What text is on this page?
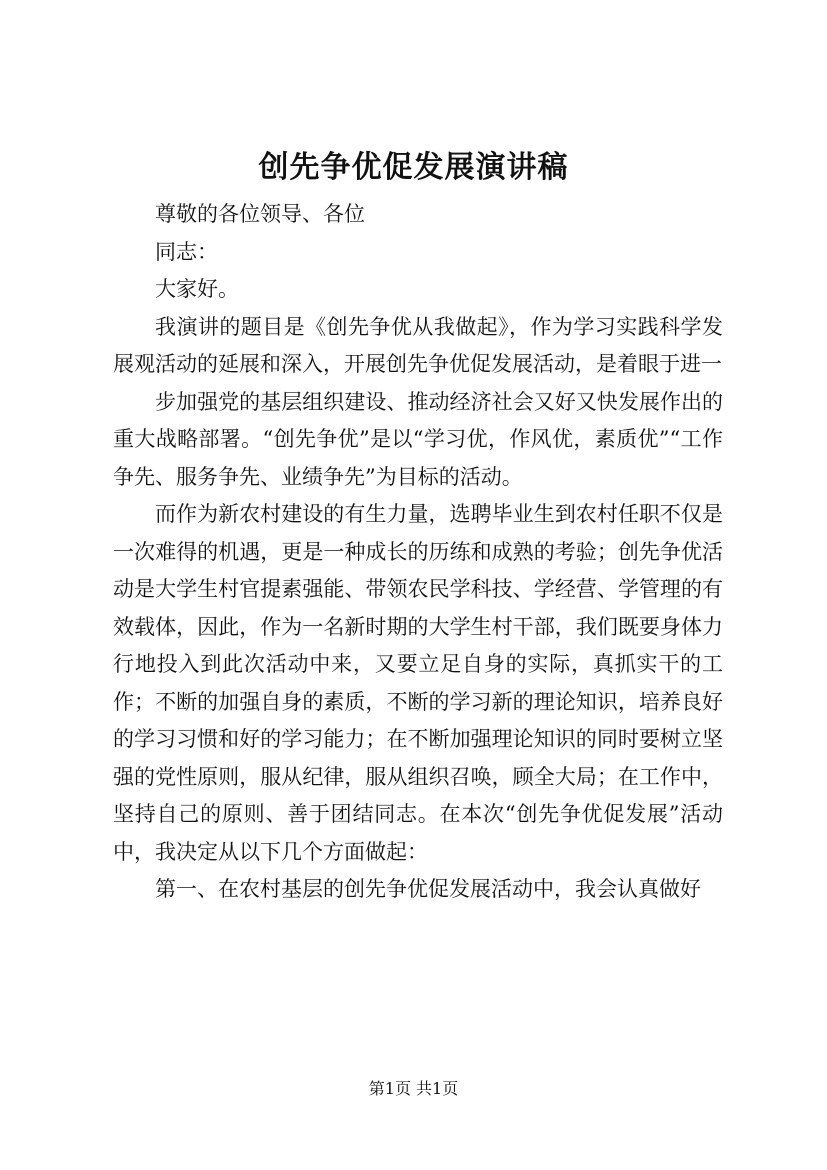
创先争优促发展演讲稿

尊敬的各位领导、各位

同志：

大家好。

我演讲的题目是《创先争优从我做起》，作为学习实践科学发展观活动的延展和深入，开展创先争优促发展活动，是着眼于进一

步加强党的基层组织建设、推动经济社会又好又快发展作出的重大战略部署。“创先争优”是以“学习优，作风优，素质优”“工作争先、服务争先、业绩争先”为目标的活动。

而作为新农村建设的有生力量，选聘毕业生到农村任职不仅是一次难得的机遇，更是一种成长的历练和成熟的考验；创先争优活动是大学生村官提素强能、带领农民学科技、学经营、学管理的有效载体，因此，作为一名新时期的大学生村干部，我们既要身体力行地投入到此次活动中来，又要立足自身的实际，真抓实干的工作；不断的加强自身的素质，不断的学习新的理论知识，培养良好的学习习惯和好的学习能力；在不断加强理论知识的同时要树立坚强的党性原则，服从纪律，服从组织召唤，顾全大局；在工作中，坚持自己的原则、善于团结同志。在本次“创先争优促发展”活动中，我决定从以下几个方面做起：

第一、在农村基层的创先争优促发展活动中，我会认真做好

第1页 共1页
